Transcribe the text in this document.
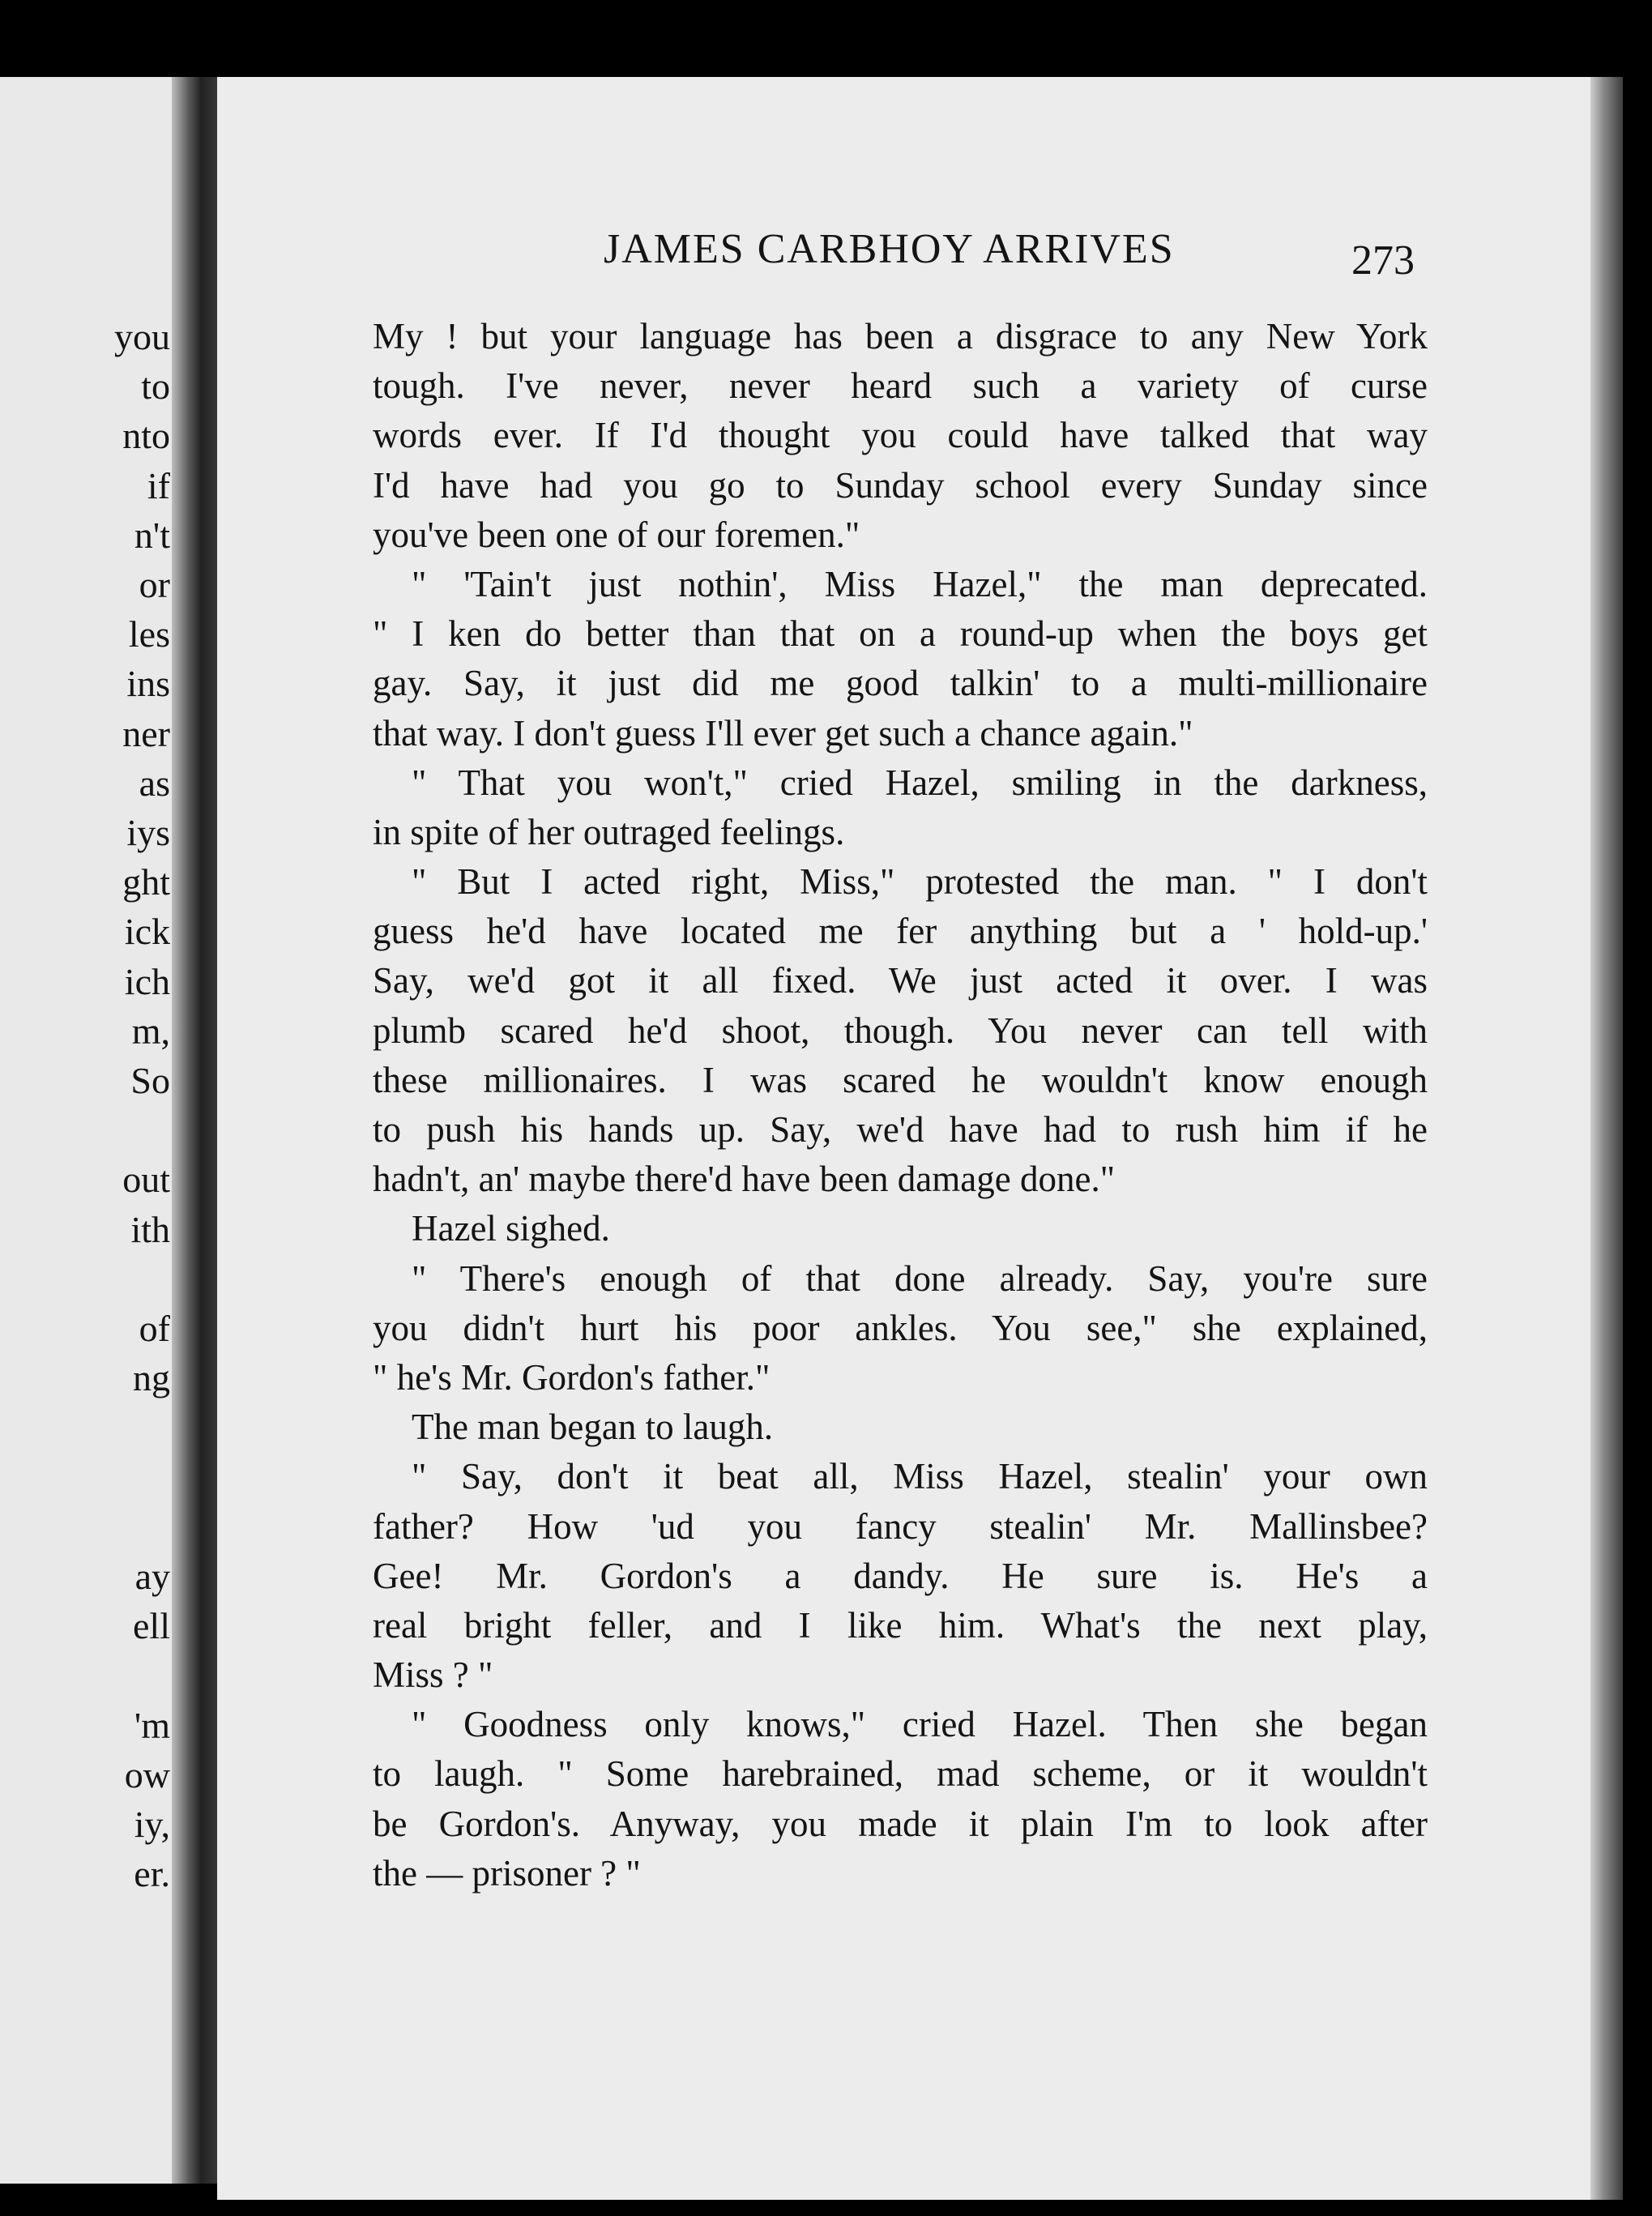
you
to
nto
if
n't
or
les
ins
ner
as
iys
ght
ick
ich
m,
So
out
ith
of
ng
ay
ell
'm
ow
iy,
er.
JAMES CARBHOY ARRIVES	273
My ! but your language has been a disgrace to any New York
tough. I've never, never heard such a variety of curse
words ever. If I'd thought you could have talked that way
I'd have had you go to Sunday school every Sunday since
you've been one of our foremen."
" 'Tain't just nothin', Miss Hazel," the man deprecated.
" I ken do better than that on a round-up when the boys get
gay. Say, it just did me good talkin' to a multi-millionaire
that way. I don't guess I'll ever get such a chance again."
" That you won't," cried Hazel, smiling in the darkness,
in spite of her outraged feelings.
" But I acted right, Miss," protested the man. " I don't
guess he'd have located me fer anything but a ' hold-up.'
Say, we'd got it all fixed. We just acted it over. I was
plumb scared he'd shoot, though. You never can tell with
these millionaires. I was scared he wouldn't know enough
to push his hands up. Say, we'd have had to rush him if he
hadn't, an' maybe there'd have been damage done."
Hazel sighed.
" There's enough of that done already. Say, you're sure
you didn't hurt his poor ankles. You see," she explained,
" he's Mr. Gordon's father."
The man began to laugh.
" Say, don't it beat all, Miss Hazel, stealin' your own
father? How 'ud you fancy stealin' Mr. Mallinsbee?
Gee! Mr. Gordon's a dandy. He sure is. He's a
real bright feller, and I like him. What's the next play,
Miss ? "
" Goodness only knows," cried Hazel. Then she began
to laugh. " Some harebrained, mad scheme, or it wouldn't
be Gordon's. Anyway, you made it plain I'm to look after
the — prisoner ? "
